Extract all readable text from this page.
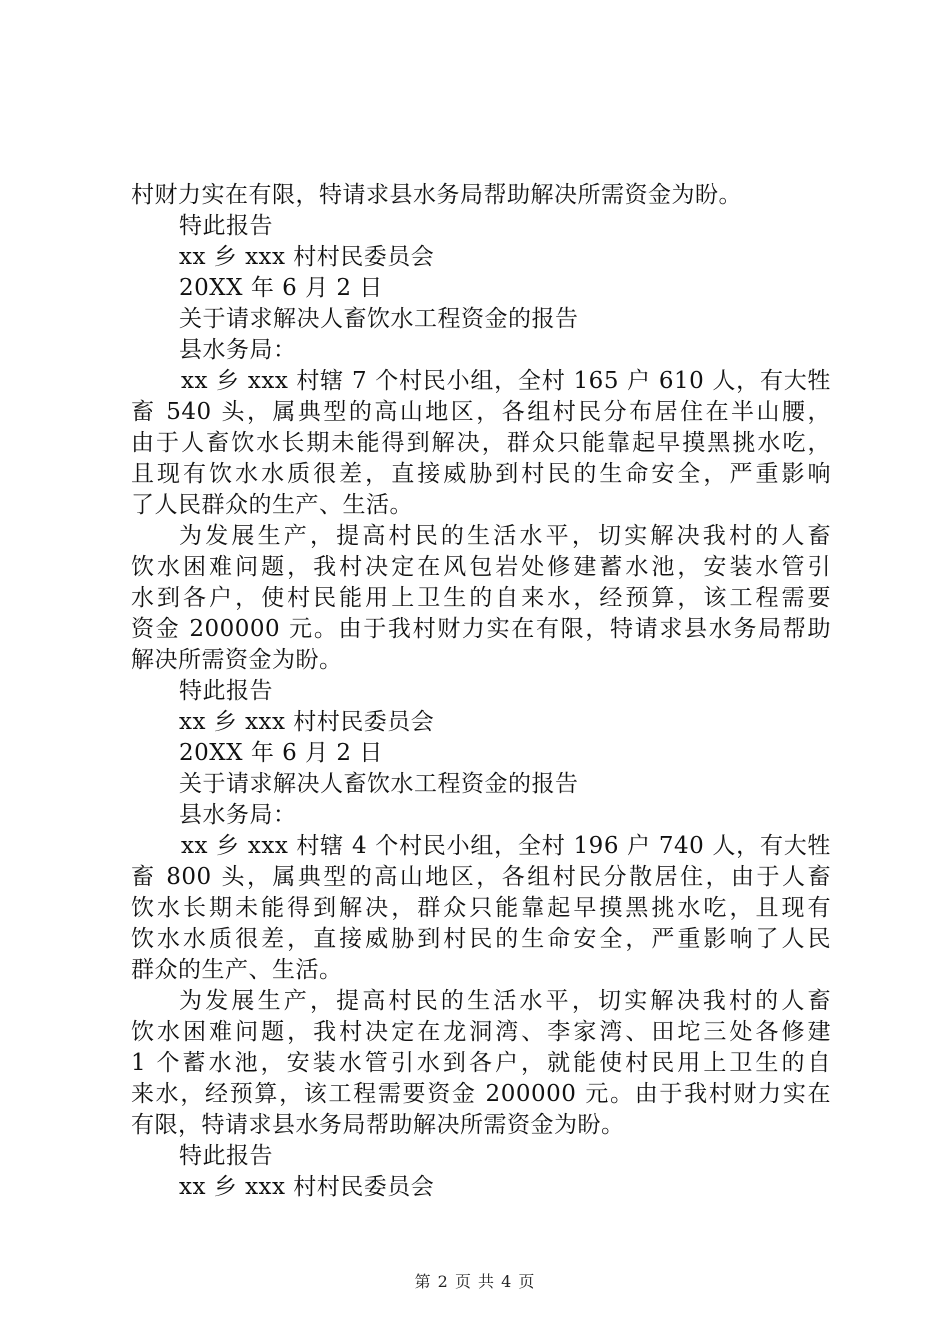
村财力实在有限，特请求县水务局帮助解决所需资金为盼。
特此报告
xx 乡 xxx 村村民委员会
20XX 年 6 月 2 日
关于请求解决人畜饮水工程资金的报告
县水务局：
xx 乡 xxx 村辖 7 个村民小组，全村 165 户 610 人，有大牲
畜 540 头，属典型的高山地区，各组村民分布居住在半山腰，
由于人畜饮水长期未能得到解决，群众只能靠起早摸黑挑水吃，
且现有饮水水质很差，直接威胁到村民的生命安全，严重影响
了人民群众的生产、生活。
为发展生产，提高村民的生活水平，切实解决我村的人畜
饮水困难问题，我村决定在风包岩处修建蓄水池，安装水管引
水到各户，使村民能用上卫生的自来水，经预算，该工程需要
资金 200000 元。由于我村财力实在有限，特请求县水务局帮助
解决所需资金为盼。
特此报告
xx 乡 xxx 村村民委员会
20XX 年 6 月 2 日
关于请求解决人畜饮水工程资金的报告
县水务局：
xx 乡 xxx 村辖 4 个村民小组，全村 196 户 740 人，有大牲
畜 800 头，属典型的高山地区，各组村民分散居住，由于人畜
饮水长期未能得到解决，群众只能靠起早摸黑挑水吃，且现有
饮水水质很差，直接威胁到村民的生命安全，严重影响了人民
群众的生产、生活。
为发展生产，提高村民的生活水平，切实解决我村的人畜
饮水困难问题，我村决定在龙洞湾、李家湾、田坨三处各修建
1 个蓄水池，安装水管引水到各户，就能使村民用上卫生的自
来水，经预算，该工程需要资金 200000 元。由于我村财力实在
有限，特请求县水务局帮助解决所需资金为盼。
特此报告
xx 乡 xxx 村村民委员会
第 2 页 共 4 页
